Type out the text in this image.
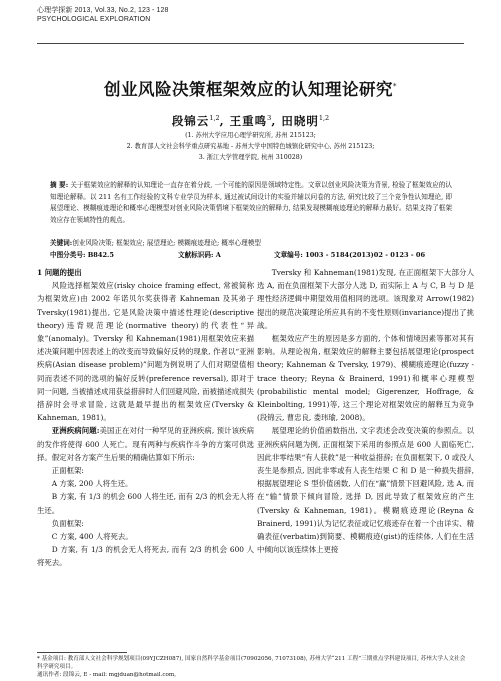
心理学探新 2013, Vol.33, No.2, 123 - 128
PSYCHOLOGICAL EXPLORATION
创业风险决策框架效应的认知理论研究*
段锦云$^{1,2}$, 王重鸣$^3$, 田晓明$^{1,2}$
(1. 苏州大学应用心理学研究所, 苏州 215123;
2. 教育部人文社会科学重点研究基地 - 苏州大学中国特色城镇化研究中心, 苏州 215123;
3. 浙江大学管理学院, 杭州 310028)
摘 要: 关于框架效应的解释的认知理论一直存在着分歧, 一个可能的原因是领域特定性。文章以创业风险决策为背景, 检验了框架效应的认知理论解释。以 211 名有工作经验的文科专业学员为样本, 通过被试间设计的实验并辅以问卷的方法, 研究比较了三个竞争性认知理论, 即展望理论、模糊痕迹理论和概率心理模型对创业风险决策情境下框架效应的解释力, 结果发现模糊痕迹理论的解释力最好。结果支持了框架效应存在领域特性的观点。
关键词:创业风险决策; 框架效应; 展望理论; 模糊痕迹理论; 概率心理模型
中图分类号: B842.5	文献标识码: A	文章编号: 1003 - 5184(2013)02 - 0123 - 06

1 问题的提出

风险选择框架效应(risky choice framing effect, 常被简称为框架效应)由 2002 年诺贝尔奖获得者 Kahneman 及其弟子 Tversky(1981)提出, 它是风险决策中描述性理论(descriptive theory)违背规范理论(normative theory)的代表性“异象”(anomaly)。Tversky 和 Kahneman(1981)用框架效应来描述决策问题中因表述上的改变而导致偏好反转的现象, 作者以“亚洲疾病(Asian disease problem)”问题为例说明了人们对期望值相同而表述不同的选项的偏好反转(preference reversal), 即对于同一问题, 当被描述成用获益措辞时人们回避风险, 而被描述成损失措辞时会寻求冒险, 这就是最早提出的框架效应(Tversky & Kahneman, 1981)。

亚洲疾病问题:美国正在对付一种罕见的亚洲疾病, 预计该疾病的发作将使得 600 人死亡。现有两种与疾病作斗争的方案可供选择。假定对各方案产生后果的精确估算如下所示:

正面框架:

A 方案, 200 人将生还。

B 方案, 有 1/3 的机会 600 人将生还, 而有 2/3 的机会无人将生还。

负面框架:

C 方案, 400 人将死去。

D 方案, 有 1/3 的机会无人将死去, 而有 2/3 的机会 600 人将死去。

Tversky 和 Kahneman(1981)发现, 在正面框架下大部分人选 A, 而在负面框架下大部分人选 D, 而实际上 A 与 C, B 与 D 是理性经济逻辑中期望效用值相同的选项。该现象对 Arrow(1982)提出的规范决策理论所应具有的不变性原则(invariance)提出了挑战。

框架效应产生的原因是多方面的, 个体和情境因素等都对其有影响。从理论视角, 框架效应的解释主要包括展望理论(prospect theory; Kahneman & Tversky, 1979)、模糊痕迹理论(fuzzy - trace theory; Reyna & Brainerd, 1991)和概率心理模型(probabilistic mental model; Gigerenzer, Hoffrage, & Kleinbolting, 1991)等, 这三个理论对框架效应的解释互为竞争(段锦云, 曹忠良, 娄玮瑜, 2008)。

展望理论的价值函数指出, 文字表述会改变决策的参照点。以亚洲疾病问题为例, 正面框架下采用的参照点是 600 人面临死亡, 因此非零结果“有人获救”是一种收益措辞; 在负面框架下, 0 或没人丧生是参照点, 因此非零或有人丧生结果 C 和 D 是一种损失措辞, 根据展望理论 S 型价值函数, 人们在“赢”情景下回避风险, 选 A, 而在“输”情景下倾向冒险, 选择 D, 因此导致了框架效应的产生(Tversky & Kahneman, 1981)。模糊痕迹理论(Reyna & Brainerd, 1991)认为记忆表征或记忆痕迹存在着一个由详实、精确表征(verbatim)到简要、模糊痕迹(gist)的连续体, 人们在生活中倾向以该连续体上更接

* 基金项目: 教育部人文社会科学规划项目(09YJCZH087), 国家自然科学基金项目(70902056, 71073108), 苏州大学“211 工程”三期重点学科建设项目, 苏州大学人文社会科学研究项目。
通讯作者: 段锦云, E - mail: mgjduan@hotmail.com。
